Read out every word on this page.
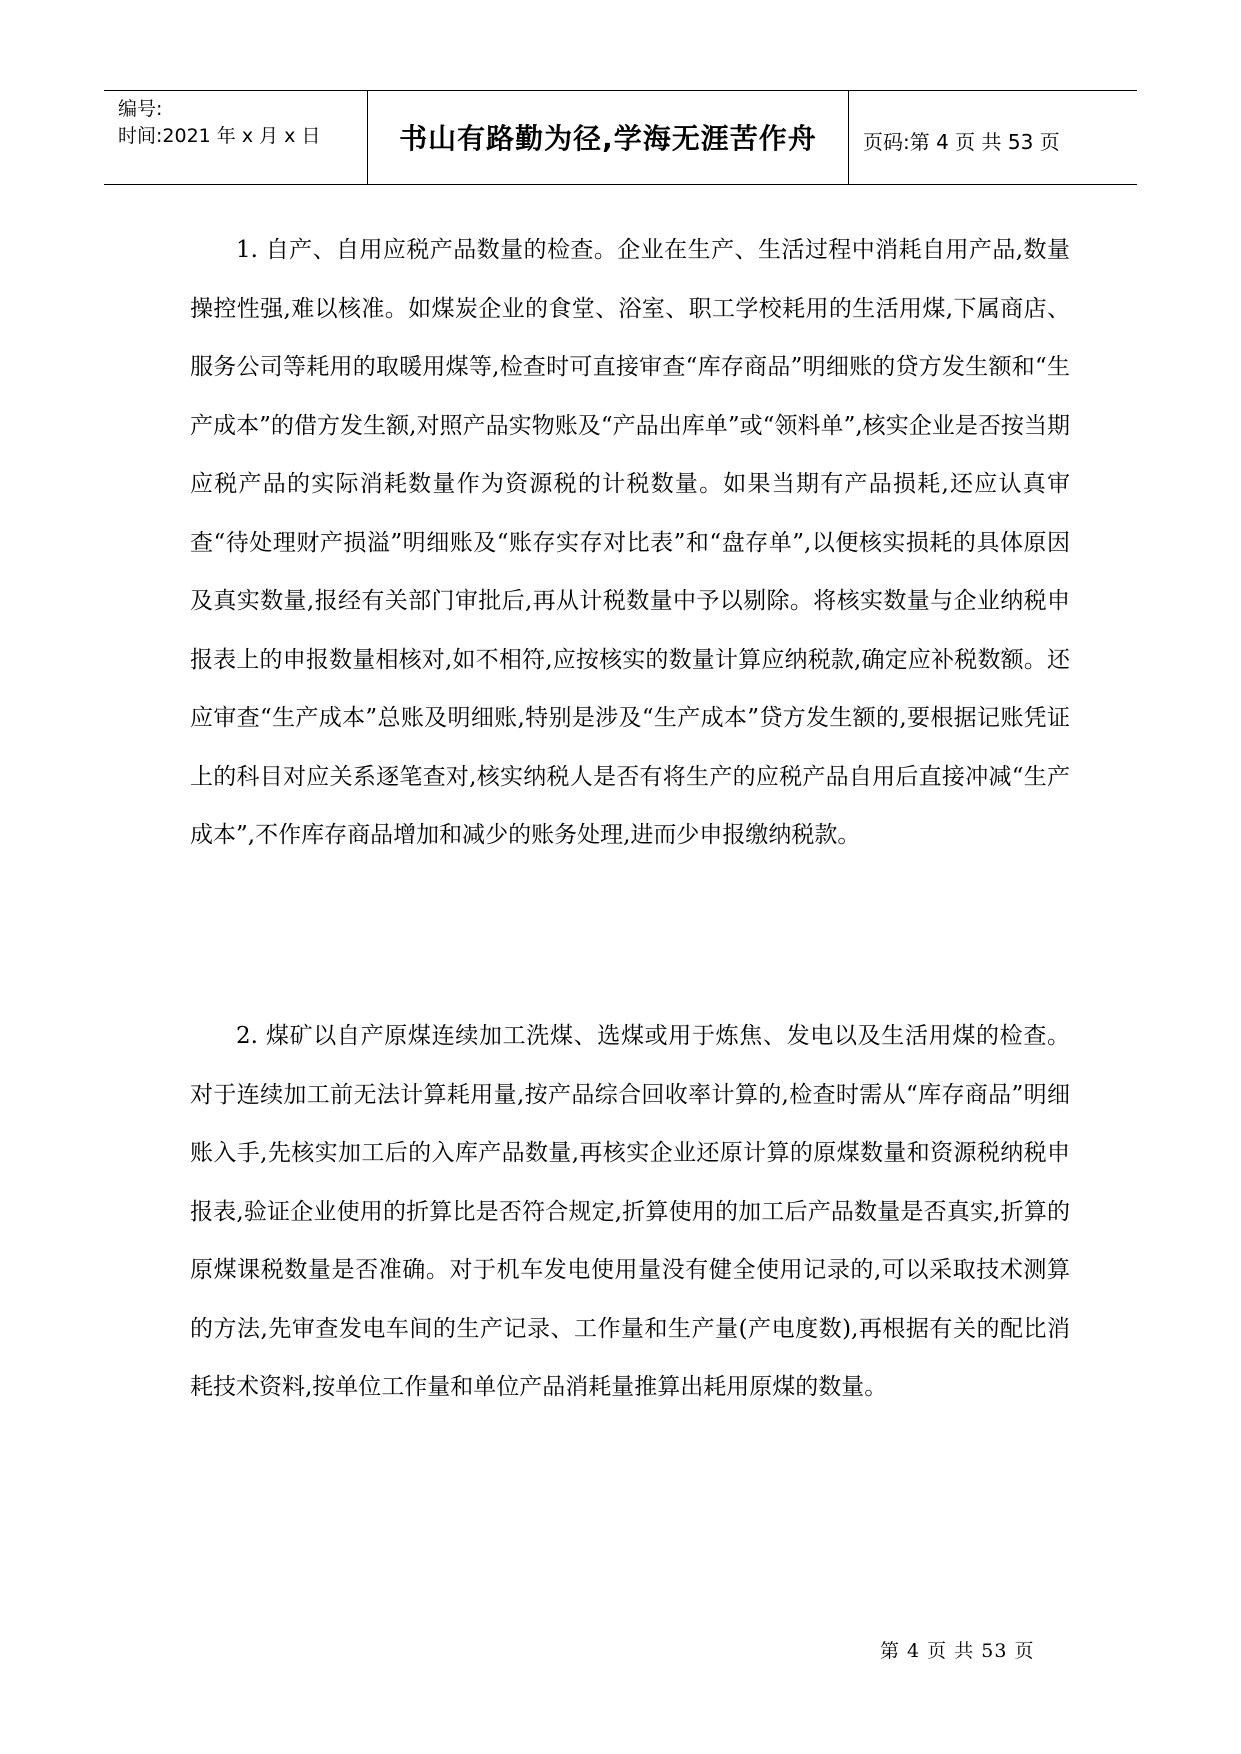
编号:
时间:2021 年 x 月 x 日	书山有路勤为径,学海无涯苦作舟	页码:第 4 页 共 53 页

1. 自产、自用应税产品数量的检查。企业在生产、生活过程中消耗自用产品,数量操控性强,难以核准。如煤炭企业的食堂、浴室、职工学校耗用的生活用煤,下属商店、服务公司等耗用的取暖用煤等,检查时可直接审查“库存商品”明细账的贷方发生额和“生产成本”的借方发生额,对照产品实物账及“产品出库单”或“领料单”,核实企业是否按当期应税产品的实际消耗数量作为资源税的计税数量。如果当期有产品损耗,还应认真审查“待处理财产损溢”明细账及“账存实存对比表”和“盘存单”,以便核实损耗的具体原因及真实数量,报经有关部门审批后,再从计税数量中予以剔除。将核实数量与企业纳税申报表上的申报数量相核对,如不相符,应按核实的数量计算应纳税款,确定应补税数额。还应审查“生产成本”总账及明细账,特别是涉及“生产成本”贷方发生额的,要根据记账凭证上的科目对应关系逐笔查对,核实纳税人是否有将生产的应税产品自用后直接冲减“生产成本”,不作库存商品增加和减少的账务处理,进而少申报缴纳税款。

2. 煤矿以自产原煤连续加工洗煤、选煤或用于炼焦、发电以及生活用煤的检查。对于连续加工前无法计算耗用量,按产品综合回收率计算的,检查时需从“库存商品”明细账入手,先核实加工后的入库产品数量,再核实企业还原计算的原煤数量和资源税纳税申报表,验证企业使用的折算比是否符合规定,折算使用的加工后产品数量是否真实,折算的原煤课税数量是否准确。对于机车发电使用量没有健全使用记录的,可以采取技术测算的方法,先审查发电车间的生产记录、工作量和生产量(产电度数),再根据有关的配比消耗技术资料,按单位工作量和单位产品消耗量推算出耗用原煤的数量。

第 4 页 共 53 页
